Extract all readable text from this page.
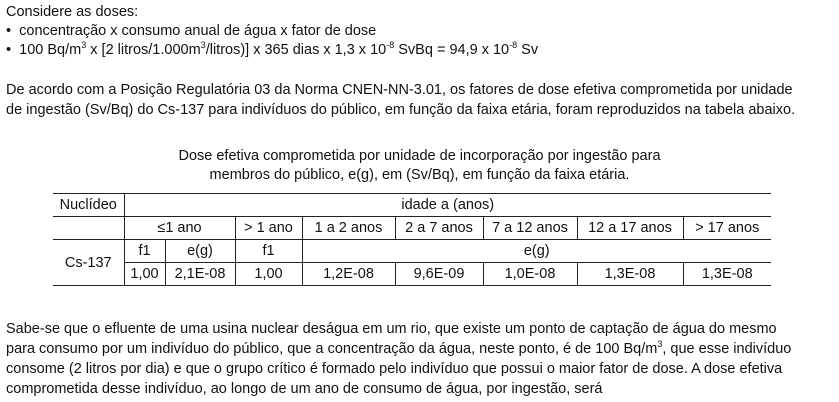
Considere as doses:
•  concentração x consumo anual de água x fator de dose
•  100 $Bq/m^3$ x [2 litros/$1.000m^3/litros$)] x 365 dias x 1,3 x $10^{-8}$ SvBq = 94,9 x $10^{-8}$ Sv
De acordo com a Posição Regulatória 03 da Norma CNEN-NN-3.01, os fatores de dose efetiva comprometida por unidade
de ingestão (Sv/Bq) do Cs-137 para indivíduos do público, em função da faixa etária, foram reproduzidos na tabela abaixo.
Dose efetiva comprometida por unidade de incorporação por ingestão para
membros do público, e(g), em (Sv/Bq), em função da faixa etária.
Nuclídeo	idade a (anos)							
	≤1 ano		> 1 ano	1 a 2 anos	2 a 7 anos	7 a 12 anos	12 a 17 anos	> 17 anos
Cs-137	f1	e(g)	f1	e(g)				
	1,00	2,1E-08	1,00	1,2E-08	9,6E-09	1,0E-08	1,3E-08	1,3E-08
Sabe-se que o efluente de uma usina nuclear deságua em um rio, que existe um ponto de captação de água do mesmo
para consumo por um indivíduo do público, que a concentração da água, neste ponto, é de 100 $Bq/m^3$, que esse indivíduo
consome (2 litros por dia) e que o grupo crítico é formado pelo indivíduo que possui o maior fator de dose. A dose efetiva
comprometida desse indivíduo, ao longo de um ano de consumo de água, por ingestão, será
